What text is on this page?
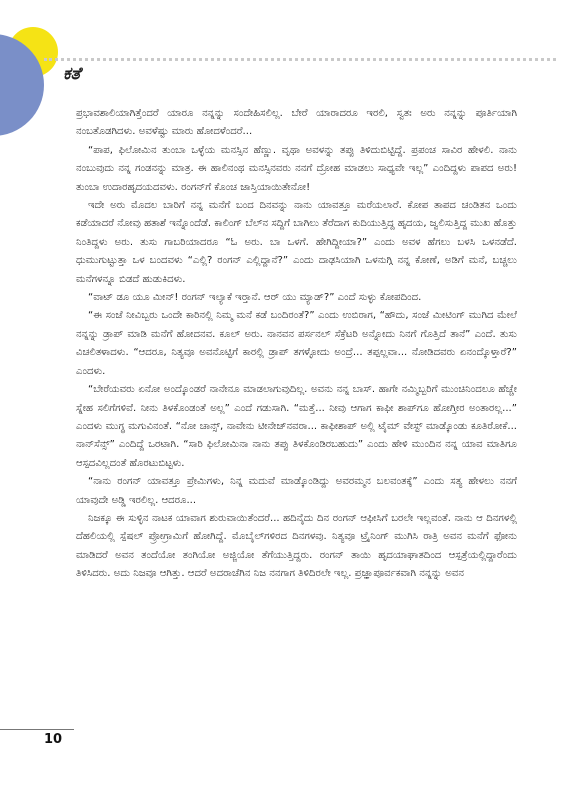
ಕತೆ

ಪ್ರಭಾವಶಾಲಿಯಾಗಿತ್ತೆಂದರೆ ಯಾರೂ ನನ್ನನ್ನು ಸಂದೇಹಿಸಲಿಲ್ಲ. ಬೇರೆ ಯಾರಾದರೂ ಇರಲಿ, ಸ್ವತಃ ಅರು ನನ್ನನ್ನು ಪೂರ್ತಿಯಾಗಿ ನಂಬತೊಡಗಿದಳು. ಅವಳೆಷ್ಟು ಮಾರು ಹೋದಳೆಂದರೆ...

“ಪಾಪ, ಫಿಲೋಮಿನ ತುಂಬಾ ಒಳ್ಳೆಯ ಮನಸ್ಸಿನ ಹೆಣ್ಣು. ವೃಥಾ ಅವಳನ್ನು ತಪ್ಪು ತಿಳಿದುಬಿಟ್ಟಿದ್ದೆ. ಪ್ರಪಂಚ ಸಾವಿರ ಹೇಳಲಿ. ನಾನು ನಂಬುವುದು ನನ್ನ ಗಂಡನನ್ನು ಮಾತ್ರ. ಈ ಹಾಲಿನಂಥ ಮನಸ್ಸಿನವರು ನನಗೆ ದ್ರೋಹ ಮಾಡಲು ಸಾಧ್ಯವೇ ಇಲ್ಲ” ಎಂದಿದ್ದಳು ಪಾಪದ ಅರು! ತುಂಬಾ ಉದಾರಹೃದಯದವಳು. ರಂಗನ್‌ಗೆ ಕೊಂಚ ಜಾಸ್ತಿಯಾಯಿತೇನೋ!

ಇದೇ ಅರು ಮೊದಲ ಬಾರಿಗೆ ನನ್ನ ಮನೆಗೆ ಬಂದ ದಿನವನ್ನು ನಾನು ಯಾವತ್ತೂ ಮರೆಯಲಾರೆ. ಕೋಪ ತಾಪದ ಚಂಡಿತನ ಒಂದು ಕಡೆಯಾದರೆ ನೋವು ಹತಾಶೆ ಇನ್ನೊಂದೆಡೆ. ಕಾಲಿಂಗ್ ಬೆಲ್‌ನ ಸದ್ದಿಗೆ ಬಾಗಿಲು ತೆರೆದಾಗ ಕುದಿಯುತ್ತಿದ್ದ ಹೃದಯ, ಜ್ವಲಿಸುತ್ತಿದ್ದ ಮುಖ ಹೊತ್ತು ನಿಂತಿದ್ದಳು ಅರು. ತುಸು ಗಾಬರಿಯಾದರೂ “ಓ ಅರು. ಬಾ ಒಳಗೆ. ಹೇಗಿದ್ದೀಯಾ?” ಎಂದು ಅವಳ ಹೆಗಲು ಬಳಸಿ ಒಳನಡೆದೆ. ಧುಮುಗುಟ್ಟುತ್ತಾ ಒಳ ಬಂದವಳು “ಎಲ್ಲಿ? ರಂಗನ್ ಎಲ್ಲಿದ್ದಾನೆ?” ಎಂದು ದಾಢಸಿಯಾಗಿ ಒಳನುಗ್ಗಿ ನನ್ನ ಕೋಣೆ, ಅಡಿಗೆ ಮನೆ, ಬಚ್ಚಲು ಮನೆಗಳನ್ನೂ ಬಿಡದೆ ಹುಡುಕಿದಳು.

“ವಾಟ್ ಡೂ ಯೂ ಮೀನ್! ರಂಗನ್ ಇಲ್ಯಾಕೆ ಇರ್‍ತಾನೆ. ಆರ್ ಯು ಮ್ಯಾಡ್?” ಎಂದೆ ಸುಳ್ಳು ಕೋಪದಿಂದ.

“ಈ ಸಂಜೆ ನೀವಿಬ್ಬರು ಒಂದೇ ಕಾರಿನಲ್ಲಿ ನಿಮ್ಮ ಮನೆ ಕಡೆ ಬಂದಿರಂತೆ?” ಎಂದು ಉಬಿರಾಗ, “ಹೌದು, ಸಂಜೆ ಮೀಟಿಂಗ್ ಮುಗಿದ ಮೇಲೆ ನನ್ನನ್ನು ಡ್ರಾಪ್ ಮಾಡಿ ಮನೆಗೆ ಹೋದನವ. ಕೂಲ್ ಅರು. ನಾನವನ ಪರ್ಸನಲ್ ಸೆಕ್ರೆಟರಿ ಅನ್ನೋದು ನಿನಗೆ ಗೊತ್ತಿದೆ ತಾನೆ” ಎಂದೆ. ತುಸು ವಿಚಲಿತಳಾದಳು. “ಆದರೂ, ನಿತ್ಯವೂ ಅವನೊಟ್ಟಿಗೆ ಕಾರಲ್ಲಿ ಡ್ರಾಪ್ ತಗಳ್ಳೋದು ಅಂದ್ರೆ... ತಪ್ಪಲ್ಲವಾ... ನೋಡಿದವರು ಏನಂದ್ಕೊಳ್ತಾರೆ?” ಎಂದಳು.

“ಬೇರೆಯವರು ಏನೋ ಅಂದ್ಕೊಂಡರೆ ನಾನೇನೂ ಮಾಡಲಾಗುವುದಿಲ್ಲ. ಅವನು ನನ್ನ ಬಾಸ್. ಹಾಗೇ ನಮ್ಮಿಬ್ಬರಿಗೆ ಮುಂಚಿನಿಂದಲೂ ಹೆಚ್ಚೇ ಸ್ನೇಹ ಸಲಿಗೆಗಳಿವೆ. ನೀನು ತಿಳಕೊಂಡಂತೆ ಅಲ್ಲ” ಎಂದೆ ಗಡುಸಾಗಿ. “ಮತ್ತೆ... ನೀವು ಆಗಾಗ ಕಾಫೀ ಶಾಪ್‌ಗೂ ಹೋಗ್ತೀರ ಅಂತಾರಲ್ಲ...” ಎಂದಳು ಮುಗ್ಧ ಮಗುವಿನಂತೆ. “ನೋ ಚಾನ್ಸ್, ನಾವೇನು ಟೀನೇಜ್‌ನವರಾ... ಕಾಫೀಶಾಪ್ ಅಲ್ಲಿ ಟೈಮ್ ವೇಸ್ಟ್ ಮಾಡ್ಕೊಂಡು ಕೂತಿರೋಕೆ... ನಾನ್‌ಸೆನ್ಸ್” ಎಂದಿದ್ದೆ ಒರಟಾಗಿ. “ಸಾರಿ ಫಿಲೋಮಿನಾ ನಾನು ತಪ್ಪು ತಿಳಕೊಂಡಿರಬಹುದು” ಎಂದು ಹೇಳಿ ಮುಂದಿನ ನನ್ನ ಯಾವ ಮಾತಿಗೂ ಆಸ್ಪದವಿಲ್ಲದಂತೆ ಹೊರಟುಬಿಟ್ಟಳು.

“ನಾನು ರಂಗನ್ ಯಾವತ್ತೂ ಪ್ರೇಮಿಗಳು, ನಿನ್ನ ಮದುವೆ ಮಾಡ್ಕೊಂಡಿದ್ದು ಅವರಮ್ಮನ ಬಲವಂತಕ್ಕೆ” ಎಂದು ಸತ್ಯ ಹೇಳಲು ನನಗೆ ಯಾವುದೇ ಅಡ್ಡಿ ಇರಲಿಲ್ಲ. ಆದರೂ...

ನಿಜಕ್ಕೂ ಈ ಸುಳ್ಳಿನ ನಾಟಕ ಯಾವಾಗ ಶುರುವಾಯಿತೆಂದರೆ... ಹದಿನೈದು ದಿನ ರಂಗನ್ ಆಫೀಸಿಗೆ ಬರಲೇ ಇಲ್ಲವಂತೆ. ನಾನು ಆ ದಿನಗಳಲ್ಲಿ ದೆಹಲಿಯಲ್ಲಿ ಸ್ಪೆಷಲ್ ಪ್ರೋಗ್ರಾಮಿಗೆ ಹೋಗಿದ್ದೆ. ಮೊಬೈಲ್‌ಗಳಿರದ ದಿನಗಳವು. ನಿತ್ಯವೂ ಟ್ರೈನಿಂಗ್ ಮುಗಿಸಿ ರಾತ್ರಿ ಅವನ ಮನೆಗೆ ಫೋನು ಮಾಡಿದರೆ ಅವನ ತಂದೆಯೋ ತಂಗಿಯೋ ಅಜ್ಜಿಯೋ ತೆಗೆಯುತ್ತಿದ್ದರು. ರಂಗನ್ ತಾಯಿ ಹೃದಯಾಘಾತದಿಂದ ಆಸ್ಪತ್ರೆಯಲ್ಲಿದ್ದಾರೆಂದು ತಿಳಿಸಿದರು. ಅದು ನಿಜವೂ ಆಗಿತ್ತು. ಆದರೆ ಅದರಾಚೆಗಿನ ನಿಜ ನನಗಾಗ ತಿಳಿದಿರಲೇ ಇಲ್ಲ. ಪ್ರಜ್ಞಾಪೂರ್ವಕವಾಗಿ ನನ್ನನ್ನು ಅವನ

10
